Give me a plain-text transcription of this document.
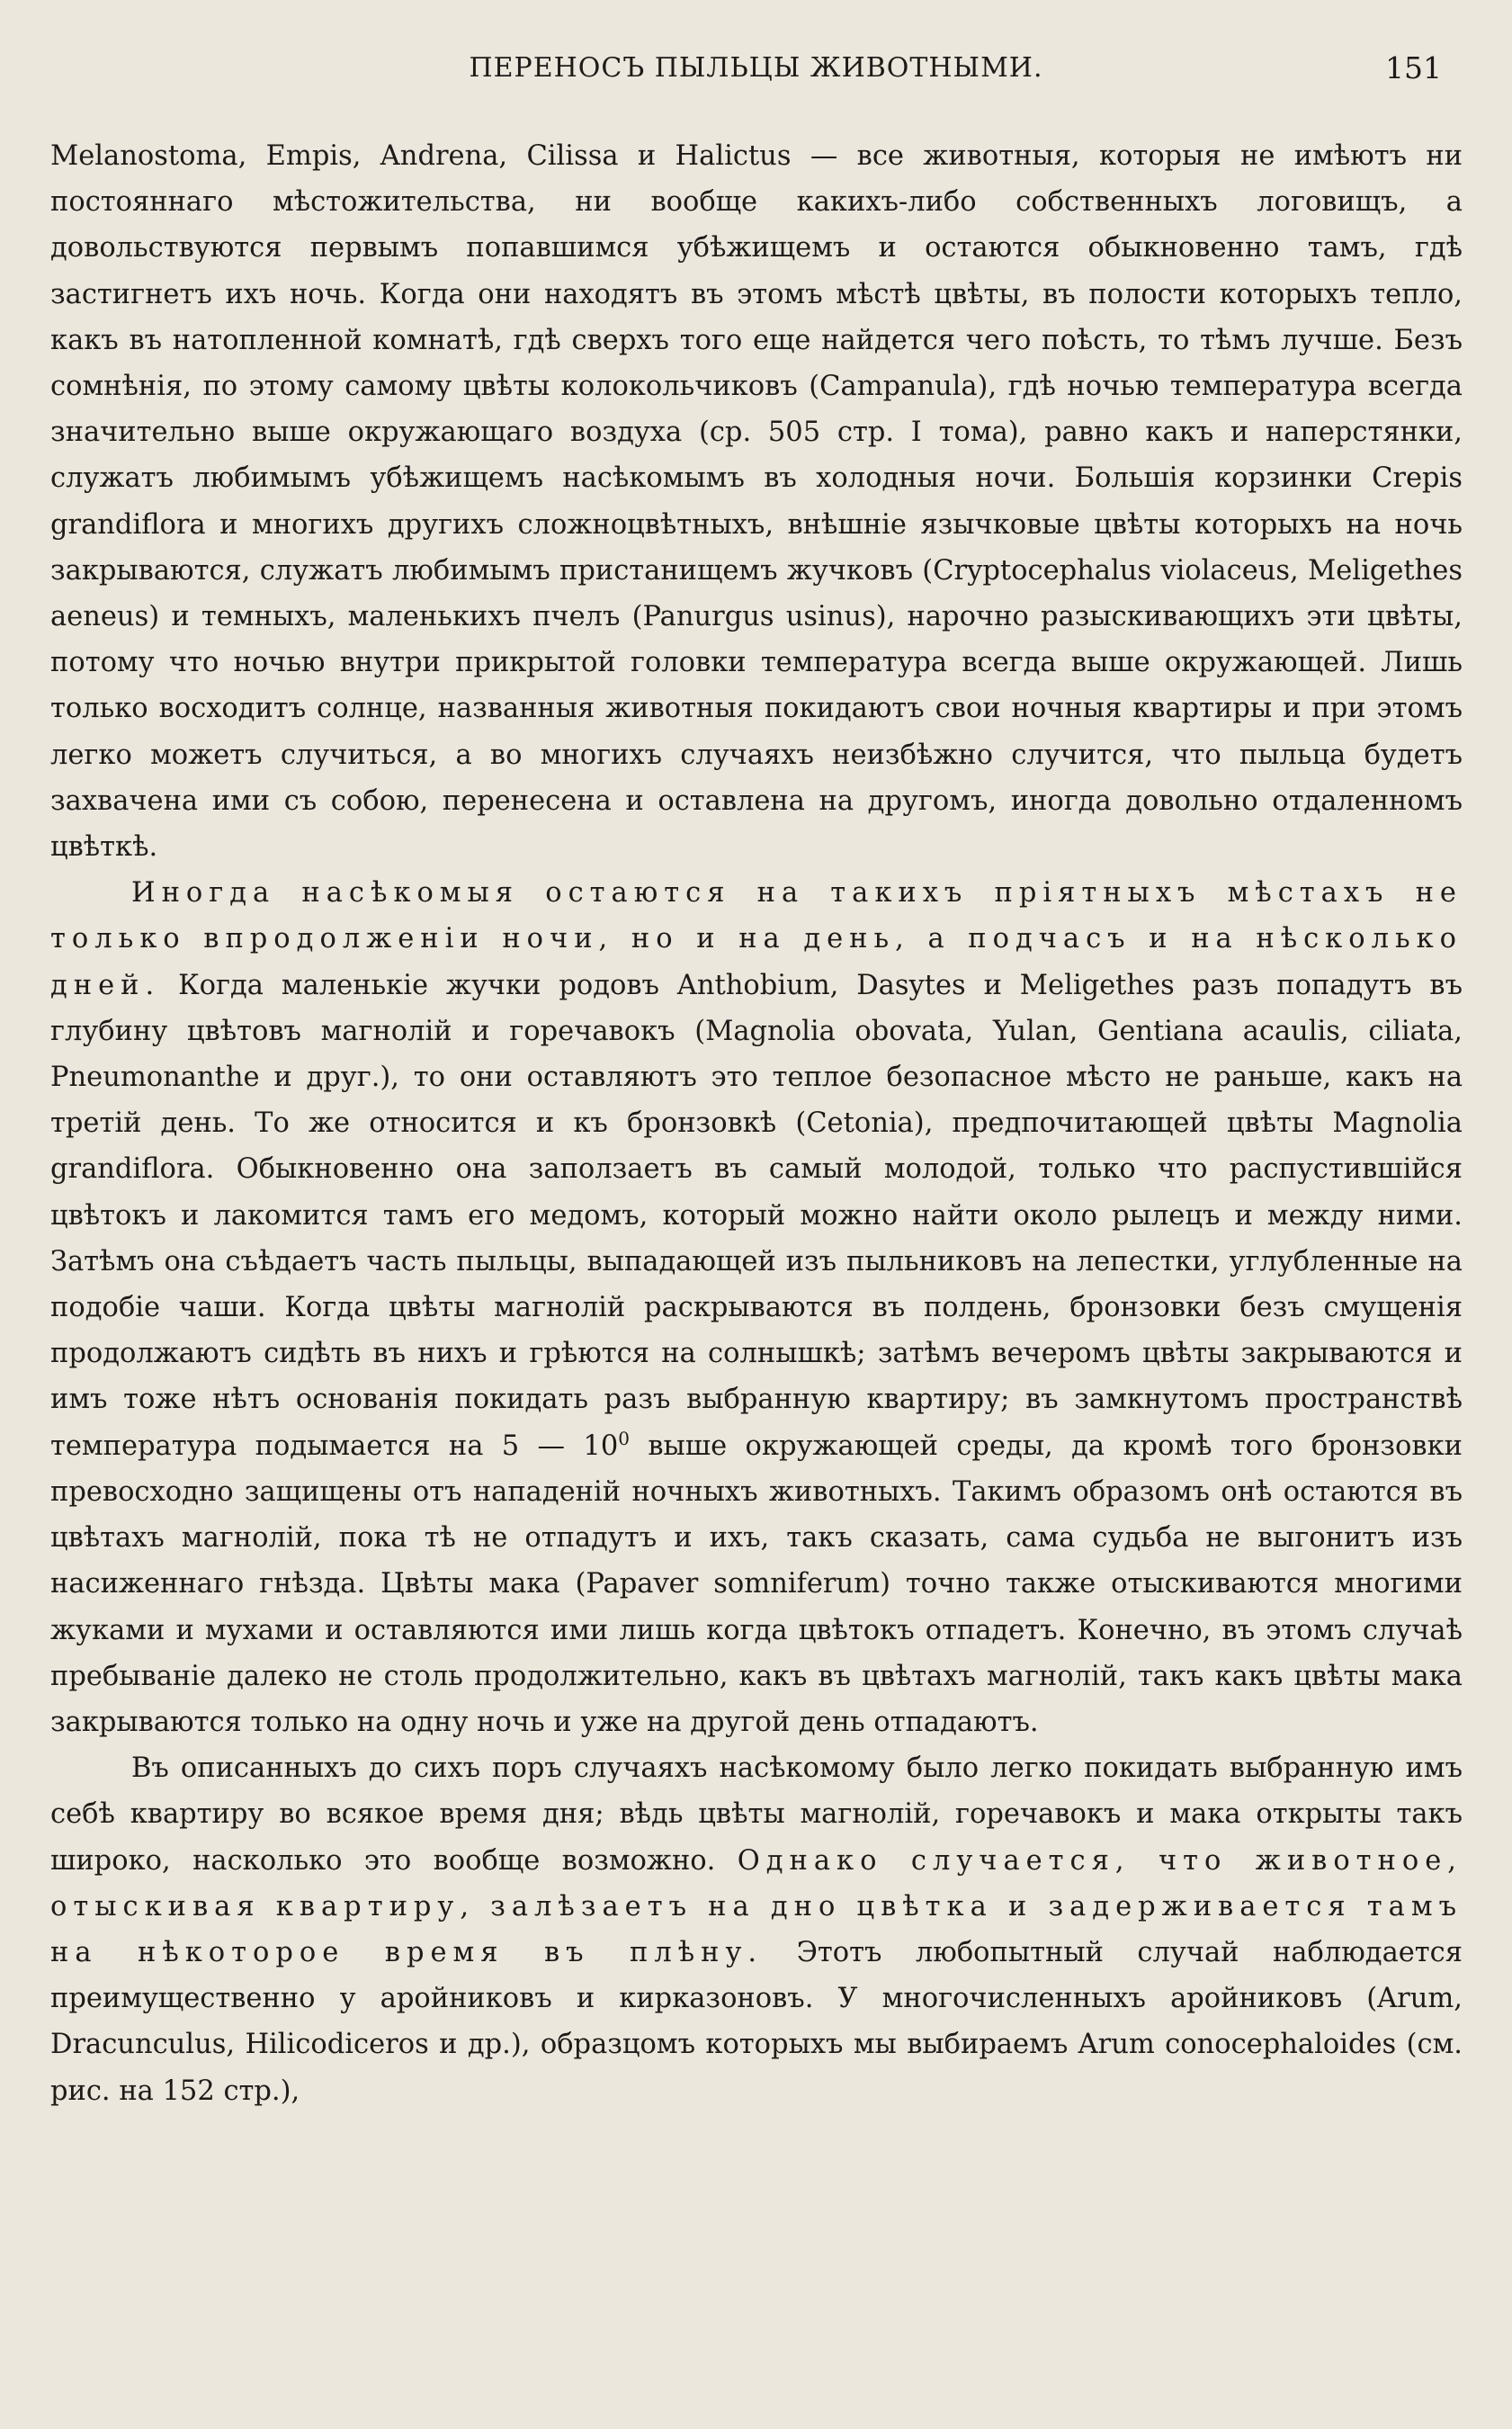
ПЕРЕНОСЪ ПЫЛЬЦЫ ЖИВОТНЫМИ.	151

Melanostoma, Empis, Andrena, Cilissa и Halictus — все животныя, которыя не имѣютъ ни постояннаго мѣстожительства, ни вообще какихъ-либо собственныхъ логовищъ, а довольствуются первымъ попавшимся убѣжищемъ и остаются обыкновенно тамъ, гдѣ застигнетъ ихъ ночь. Когда они находятъ въ этомъ мѣстѣ цвѣты, въ полости которыхъ тепло, какъ въ натопленной комнатѣ, гдѣ сверхъ того еще найдется чего поѣсть, то тѣмъ лучше. Безъ сомнѣнія, по этому самому цвѣты колокольчиковъ (Campanula), гдѣ ночью температура всегда значительно выше окружающаго воздуха (ср. 505 стр. I тома), равно какъ и наперстянки, служатъ любимымъ убѣжищемъ насѣкомымъ въ холодныя ночи. Большія корзинки Crepis grandiflora и многихъ другихъ сложноцвѣтныхъ, внѣшніе язычковые цвѣты которыхъ на ночь закрываются, служатъ любимымъ пристанищемъ жучковъ (Cryptocephalus violaceus, Meligethes aeneus) и темныхъ, маленькихъ пчелъ (Panurgus usinus), нарочно разыскивающихъ эти цвѣты, потому что ночью внутри прикрытой головки температура всегда выше окружающей. Лишь только восходитъ солнце, названныя животныя покидаютъ свои ночныя квартиры и при этомъ легко можетъ случиться, а во многихъ случаяхъ неизбѣжно случится, что пыльца будетъ захвачена ими съ собою, перенесена и оставлена на другомъ, иногда довольно отдаленномъ цвѣткѣ.

Иногда насѣкомыя остаются на такихъ пріятныхъ мѣстахъ не только впродолженіи ночи, но и на день, а подчасъ и на нѣсколько дней. Когда маленькіе жучки родовъ Anthobium, Dasytes и Meligethes разъ попадутъ въ глубину цвѣтовъ магнолій и горечавокъ (Magnolia obovata, Yulan, Gentiana acaulis, ciliata, Pneumonanthe и друг.), то они оставляютъ это теплое безопасное мѣсто не раньше, какъ на третій день. То же относится и къ бронзовкѣ (Cetonia), предпочитающей цвѣты Magnolia grandiflora. Обыкновенно она заползаетъ въ самый молодой, только что распустившійся цвѣтокъ и лакомится тамъ его медомъ, который можно найти около рылецъ и между ними. Затѣмъ она съѣдаетъ часть пыльцы, выпадающей изъ пыльниковъ на лепестки, углубленные на подобіе чаши. Когда цвѣты магнолій раскрываются въ полдень, бронзовки безъ смущенія продолжаютъ сидѣть въ нихъ и грѣются на солнышкѣ; затѣмъ вечеромъ цвѣты закрываются и имъ тоже нѣтъ основанія покидать разъ выбранную квартиру; въ замкнутомъ пространствѣ температура подымается на 5 — $10^0$ выше окружающей среды, да кромѣ того бронзовки превосходно защищены отъ нападеній ночныхъ животныхъ. Такимъ образомъ онѣ остаются въ цвѣтахъ магнолій, пока тѣ не отпадутъ и ихъ, такъ сказать, сама судьба не выгонитъ изъ насиженнаго гнѣзда. Цвѣты мака (Papaver somniferum) точно также отыскиваются многими жуками и мухами и оставляются ими лишь когда цвѣтокъ отпадетъ. Конечно, въ этомъ случаѣ пребываніе далеко не столь продолжительно, какъ въ цвѣтахъ магнолій, такъ какъ цвѣты мака закрываются только на одну ночь и уже на другой день отпадаютъ.

Въ описанныхъ до сихъ поръ случаяхъ насѣкомому было легко покидать выбранную имъ себѣ квартиру во всякое время дня; вѣдь цвѣты магнолій, горечавокъ и мака открыты такъ широко, насколько это вообще возможно. Однако случается, что животное, отыскивая квартиру, залѣзаетъ на дно цвѣтка и задерживается тамъ на нѣкоторое время въ плѣну. Этотъ любопытный случай наблюдается преимущественно у аройниковъ и кирказоновъ. У многочисленныхъ аройниковъ (Arum, Dracunculus, Hilicodiceros и др.), образцомъ которыхъ мы выбираемъ Arum conocephaloides (см. рис. на 152 стр.),
